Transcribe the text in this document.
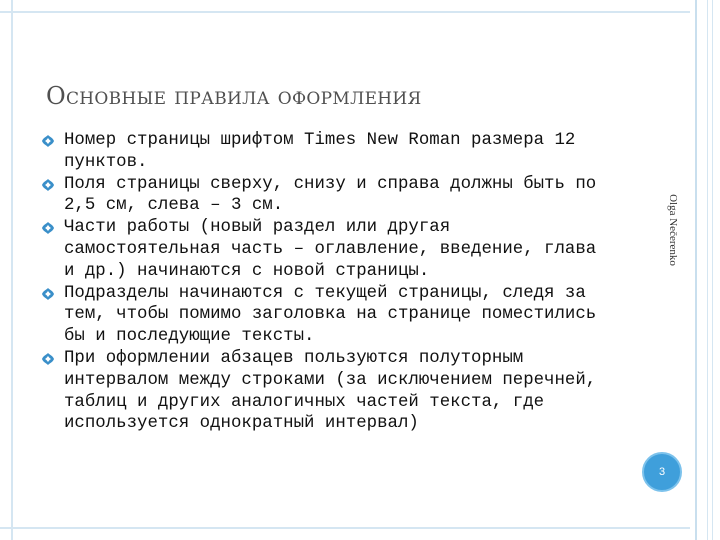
Основные правила оформления
Номер страницы шрифтом Times New Roman размера 12 пунктов.
Поля страницы сверху, снизу и справа должны быть по 2,5 см, слева – 3 см.
Части работы (новый раздел или другая самостоятельная часть – оглавление, введение, глава и др.) начинаются с новой страницы.
Подразделы начинаются с текущей страницы, следя за тем, чтобы помимо заголовка на странице поместились бы и последующие тексты.
При оформлении абзацев пользуются полуторным интервалом между строками (за исключением перечней, таблиц и других аналогичных частей текста, где используется однократный интервал)
Olga Nečerenko
3
